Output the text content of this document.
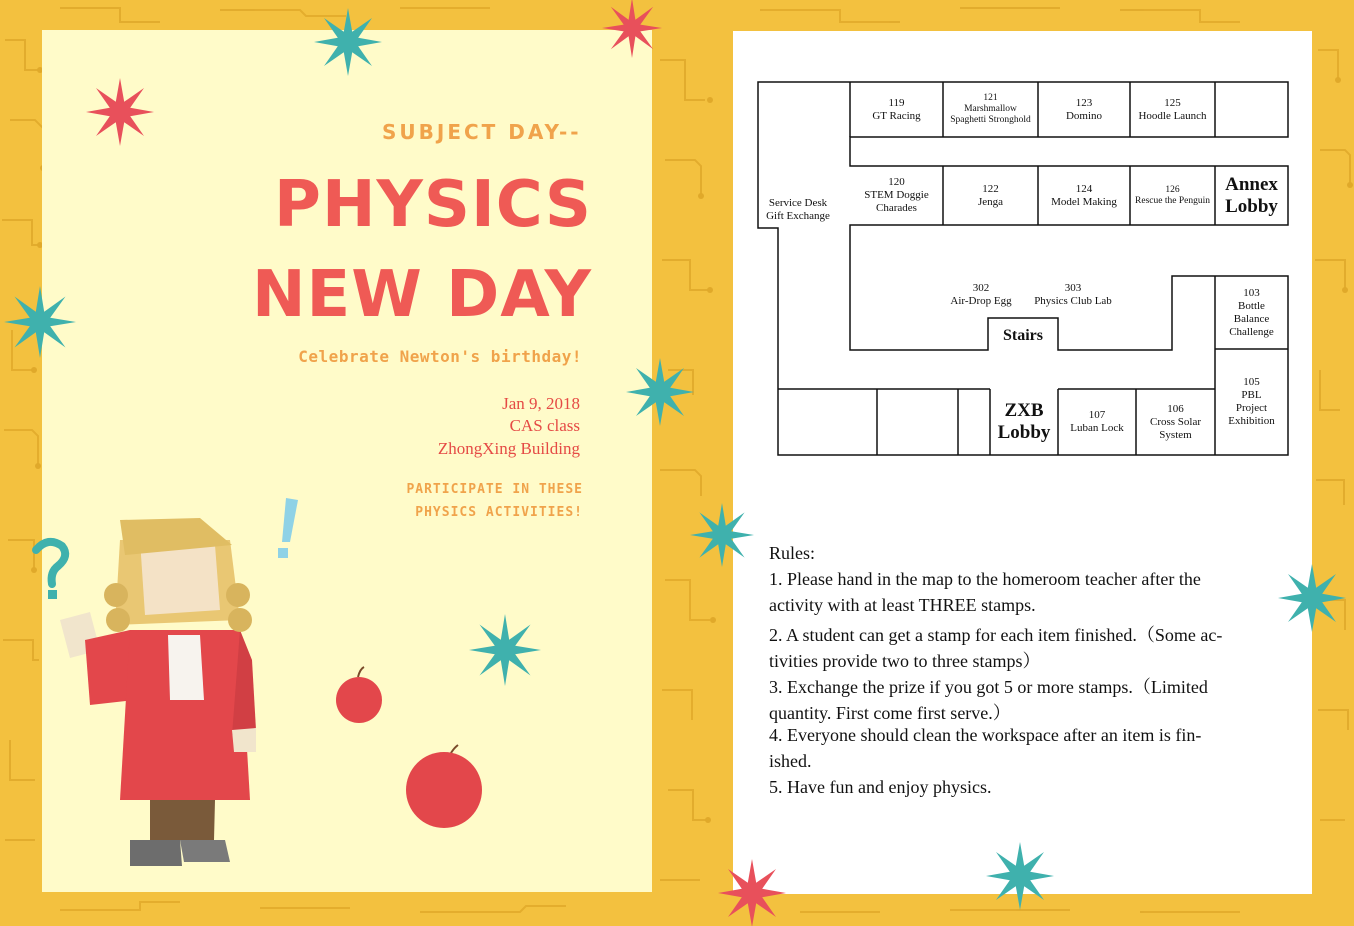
SUBJECT DAY--
PHYSICS
NEW DAY
Celebrate Newton's birthday!
Jan 9, 2018
CAS class
ZhongXing Building
PARTICIPATE IN THESE
PHYSICS ACTIVITIES!
Service Desk
Gift Exchange
119
GT Racing
121
Marshmallow
Spaghetti Stronghold
123
Domino
125
Hoodle Launch
120
STEM Doggie
Charades
122
Jenga
124
Model Making
126
Rescue the Penguin
Annex
Lobby
302
Air-Drop Egg
303
Physics Club Lab
Stairs
103
Bottle
Balance
Challenge
105
PBL
Project
Exhibition
ZXB
Lobby
107
Luban Lock
106
Cross Solar
System
Rules:
1. Please hand in the map to the homeroom teacher after the
activity with at least THREE stamps.
2. A student can get a stamp for each item finished.（Some ac-
tivities provide two to three stamps）
3. Exchange the prize if you got 5 or more stamps.（Limited
quantity. First come first serve.）
4. Everyone should clean the workspace after an item is fin-
ished.
5. Have fun and enjoy physics.
